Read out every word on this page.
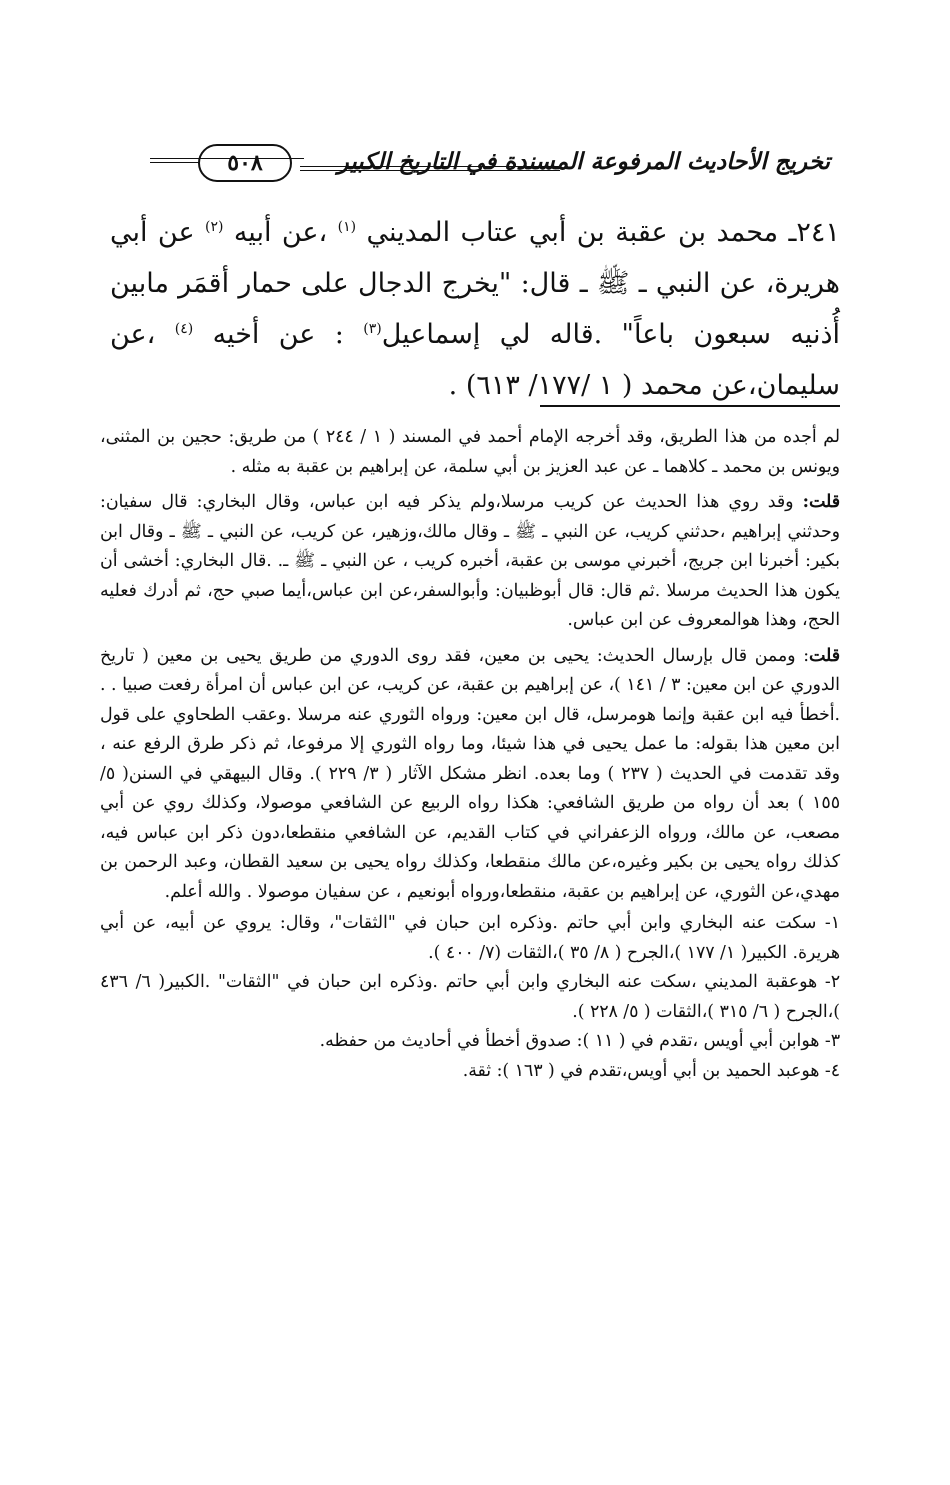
٥٠٨	تخريج الأحاديث المرفوعة المسندة في التاريخ الكبير

٢٤١ـ محمد بن عقبة بن أبي عتاب المديني $^{(١)}$ ،عن أبيه $^{(٢)}$ عن أبي هريرة، عن النبي ـ ﷺ ـ قال: "يخرج الدجال على حمار أقمَر مابين أُذنيه سبعون باعاً" .قاله لي إسماعيل$^{(٣)}$ : عن أخيه $^{(٤)}$ ،عن سليمان،عن محمد ( ١ /١٧٧/ ٦١٣) .

لم أجده من هذا الطريق، وقد أخرجه الإمام أحمد في المسند ( ١ / ٢٤٤ ) من طريق: حجين بن المثنى، ويونس بن محمد ـ كلاهما ـ عن عبد العزيز بن أبي سلمة، عن إبراهيم بن عقبة به مثله .

قلت: وقد روي هذا الحديث عن كريب مرسلا،ولم يذكر فيه ابن عباس، وقال البخاري: قال سفيان: وحدثني إبراهيم ،حدثني كريب، عن النبي ـ ﷺ ـ وقال مالك،وزهير، عن كريب، عن النبي ـ ﷺ ـ وقال ابن بكير: أخبرنا ابن جريج، أخبرني موسى بن عقبة، أخبره كريب ، عن النبي ـ ﷺ ـ. .قال البخاري: أخشى أن يكون هذا الحديث مرسلا .ثم قال: قال أبوظبيان: وأبوالسفر،عن ابن عباس،أيما صبي حج، ثم أدرك فعليه الحج، وهذا هوالمعروف عن ابن عباس.

قلت: وممن قال بإرسال الحديث: يحيى بن معين، فقد روى الدوري من طريق يحيى بن معين ( تاريخ الدوري عن ابن معين: ٣ / ١٤١ )، عن إبراهيم بن عقبة، عن كريب، عن ابن عباس أن امرأة رفعت صبيا . . .أخطأ فيه ابن عقبة وإنما هومرسل، قال ابن معين: ورواه الثوري عنه مرسلا .وعقب الطحاوي على قول ابن معين هذا بقوله: ما عمل يحيى في هذا شيئا، وما رواه الثوري إلا مرفوعا، ثم ذكر طرق الرفع عنه ، وقد تقدمت في الحديث ( ٢٣٧ ) وما بعده. انظر مشكل الآثار ( ٣/ ٢٢٩ ). وقال البيهقي في السنن( ٥/ ١٥٥ ) بعد أن رواه من طريق الشافعي: هكذا رواه الربيع عن الشافعي موصولا، وكذلك روي عن أبي مصعب، عن مالك، ورواه الزعفراني في كتاب القديم، عن الشافعي منقطعا،دون ذكر ابن عباس فيه، كذلك رواه يحيى بن بكير وغيره،عن مالك منقطعا، وكذلك رواه يحيى بن سعيد القطان، وعبد الرحمن بن مهدي،عن الثوري، عن إبراهيم بن عقبة، منقطعا،ورواه أبونعيم ، عن سفيان موصولا . والله أعلم.

١- سكت عنه البخاري وابن أبي حاتم .وذكره ابن حبان في "الثقات"، وقال: يروي عن أبيه، عن أبي هريرة. الكبير( ١/ ١٧٧ )،الجرح ( ٨/ ٣٥ )،الثقات (٧/ ٤٠٠ ).
٢- هوعقبة المديني ،سكت عنه البخاري وابن أبي حاتم .وذكره ابن حبان في "الثقات" .الكبير( ٦/ ٤٣٦ )،الجرح ( ٦/ ٣١٥ )،الثقات ( ٥/ ٢٢٨ ).
٣- هوابن أبي أويس ،تقدم في ( ١١ ): صدوق أخطأ في أحاديث من حفظه.
٤- هوعبد الحميد بن أبي أويس،تقدم في ( ١٦٣ ): ثقة.
